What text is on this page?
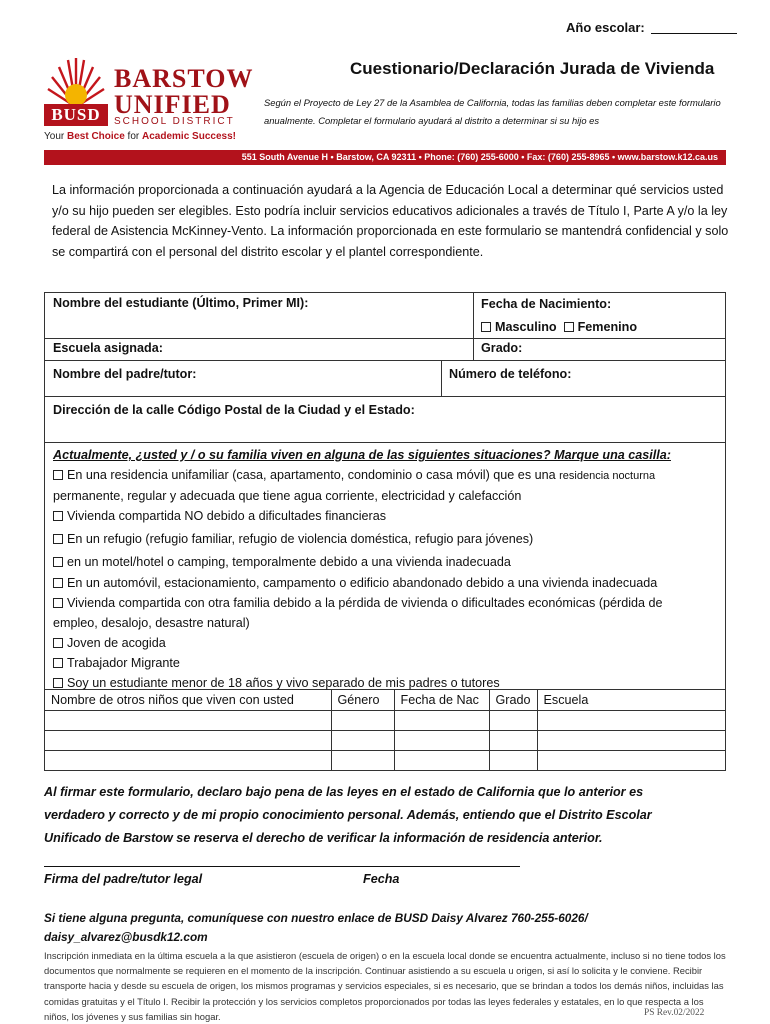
Año escolar:
BUSD
BARSTOW
UNIFIED
SCHOOL DISTRICT
Your Best Choice for Academic Success!
Cuestionario/Declaración Jurada de Vivienda
Según el Proyecto de Ley 27 de la Asamblea de California, todas las familias deben completar este formulario anualmente. Completar el formulario ayudará al distrito a determinar si su hijo es
551 South Avenue H • Barstow, CA 92311 • Phone: (760) 255-6000 • Fax: (760) 255-8965 • www.barstow.k12.ca.us
La información proporcionada a continuación ayudará a la Agencia de Educación Local a determinar qué servicios usted y/o su hijo pueden ser elegibles. Esto podría incluir servicios educativos adicionales a través de Título I, Parte A y/o la ley federal de Asistencia McKinney-Vento. La información proporcionada en este formulario se mantendrá confidencial y solo se compartirá con el personal del distrito escolar y el plantel correspondiente.
Nombre del estudiante (Último, Primer MI):	Fecha de Nacimiento:
Masculino Femenino
Escuela asignada:	Grado:
Nombre del padre/tutor:	Número de teléfono:
Dirección de la calle Código Postal de la Ciudad y el Estado:

Actualmente, ¿usted y / o su familia viven en alguna de las siguientes situaciones? Marque una casilla:

En una residencia unifamiliar (casa, apartamento, condominio o casa móvil) que es una residencia nocturna

permanente, regular y adecuada que tiene agua corriente, electricidad y calefacción

Vivienda compartida NO debido a dificultades financieras

En un refugio (refugio familiar, refugio de violencia doméstica, refugio para jóvenes)

en un motel/hotel o camping, temporalmente debido a una vivienda inadecuada

En un automóvil, estacionamiento, campamento o edificio abandonado debido a una vivienda inadecuada

Vivienda compartida con otra familia debido a la pérdida de vivienda o dificultades económicas (pérdida de

empleo, desalojo, desastre natural)

Joven de acogida

Trabajador Migrante

Soy un estudiante menor de 18 años y vivo separado de mis padres o tutores

Nombre de otros niños que viven con usted	Género	Fecha de Nac	Grado	Escuela

Al firmar este formulario, declaro bajo pena de las leyes en el estado de California que lo anterior es verdadero y correcto y de mi propio conocimiento personal. Además, entiendo que el Distrito Escolar Unificado de Barstow se reserva el derecho de verificar la información de residencia anterior.
Firma del padre/tutor legal	Fecha
Si tiene alguna pregunta, comuníquese con nuestro enlace de BUSD Daisy Alvarez 760-255-6026/
daisy_alvarez@busdk12.com
Inscripción inmediata en la última escuela a la que asistieron (escuela de origen) o en la escuela local donde se encuentra actualmente, incluso si no tiene todos los documentos que normalmente se requieren en el momento de la inscripción. Continuar asistiendo a su escuela u origen, si así lo solicita y le conviene. Recibir transporte hacia y desde su escuela de origen, los mismos programas y servicios especiales, si es necesario, que se brindan a todos los demás niños, incluidas las comidas gratuitas y el Título I. Recibir la protección y los servicios completos proporcionados por todas las leyes federales y estatales, en lo que respecta a los niños, los jóvenes y sus familias sin hogar.	PS Rev.02/2022
